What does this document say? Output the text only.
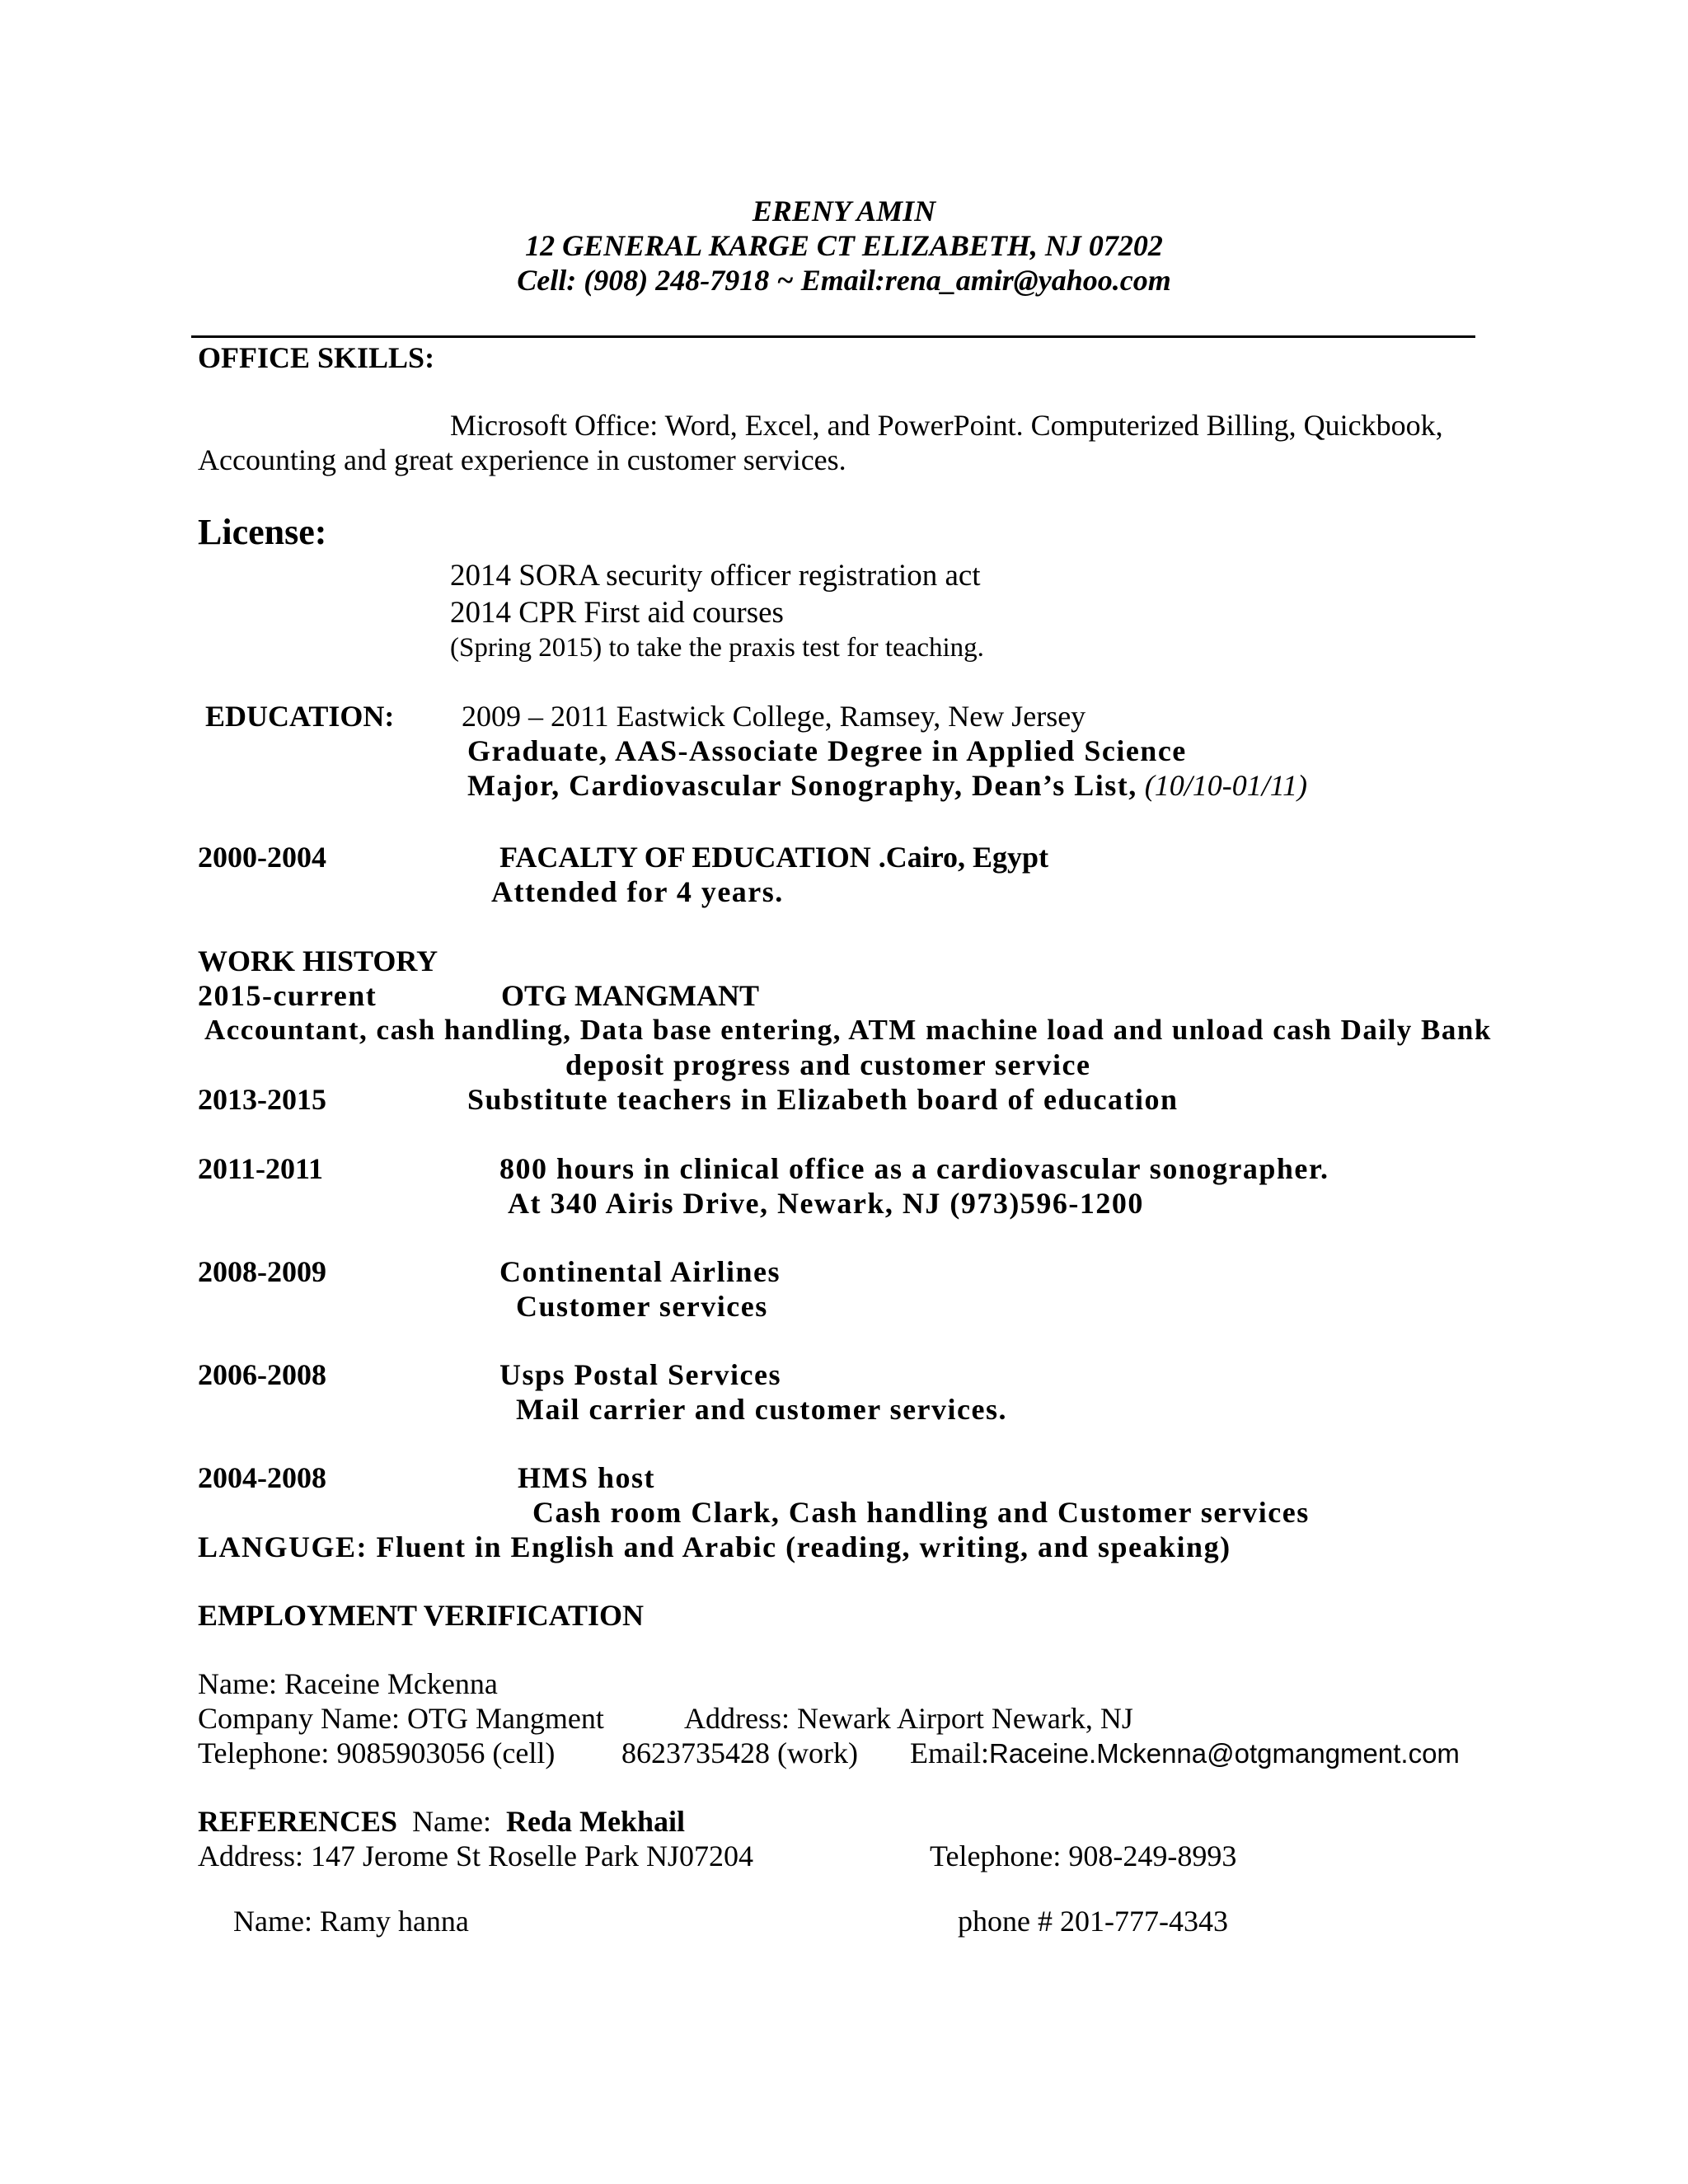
ERENY AMIN
12 GENERAL KARGE CT ELIZABETH, NJ 07202
Cell: (908) 248-7918 ~ Email:rena_amir@yahoo.com
OFFICE SKILLS:
Microsoft Office: Word, Excel, and PowerPoint. Computerized Billing, Quickbook,
Accounting and great experience in customer services.
License:
2014 SORA security officer registration act
2014 CPR First aid courses
(Spring 2015) to take the praxis test for teaching.
EDUCATION: 2009 – 2011 Eastwick College, Ramsey, New Jersey
Graduate, AAS-Associate Degree in Applied Science
Major, Cardiovascular Sonography, Dean’s List, (10/10-01/11)
2000-2004	FACALTY OF EDUCATION .Cairo, Egypt
Attended for 4 years.
WORK HISTORY
2015-current	OTG MANGMANT
Accountant, cash handling, Data base entering, ATM machine load and unload cash Daily Bank
deposit progress and customer service
2013-2015	Substitute teachers in Elizabeth board of education
2011-2011	800 hours in clinical office as a cardiovascular sonographer.
At 340 Airis Drive, Newark, NJ (973)596-1200
2008-2009	Continental Airlines
Customer services
2006-2008	Usps Postal Services
Mail carrier and customer services.
2004-2008	HMS host
Cash room Clark, Cash handling and Customer services
LANGUGE: Fluent in English and Arabic (reading, writing, and speaking)
EMPLOYMENT VERIFICATION
Name: Raceine Mckenna
Company Name: OTG Mangment	Address: Newark Airport Newark, NJ
Telephone: 9085903056 (cell) 8623735428 (work) Email:Raceine.Mckenna@otgmangment.com
REFERENCES Name: Reda Mekhail
Address: 147 Jerome St Roselle Park NJ07204	Telephone: 908-249-8993
Name: Ramy hanna	phone # 201-777-4343
